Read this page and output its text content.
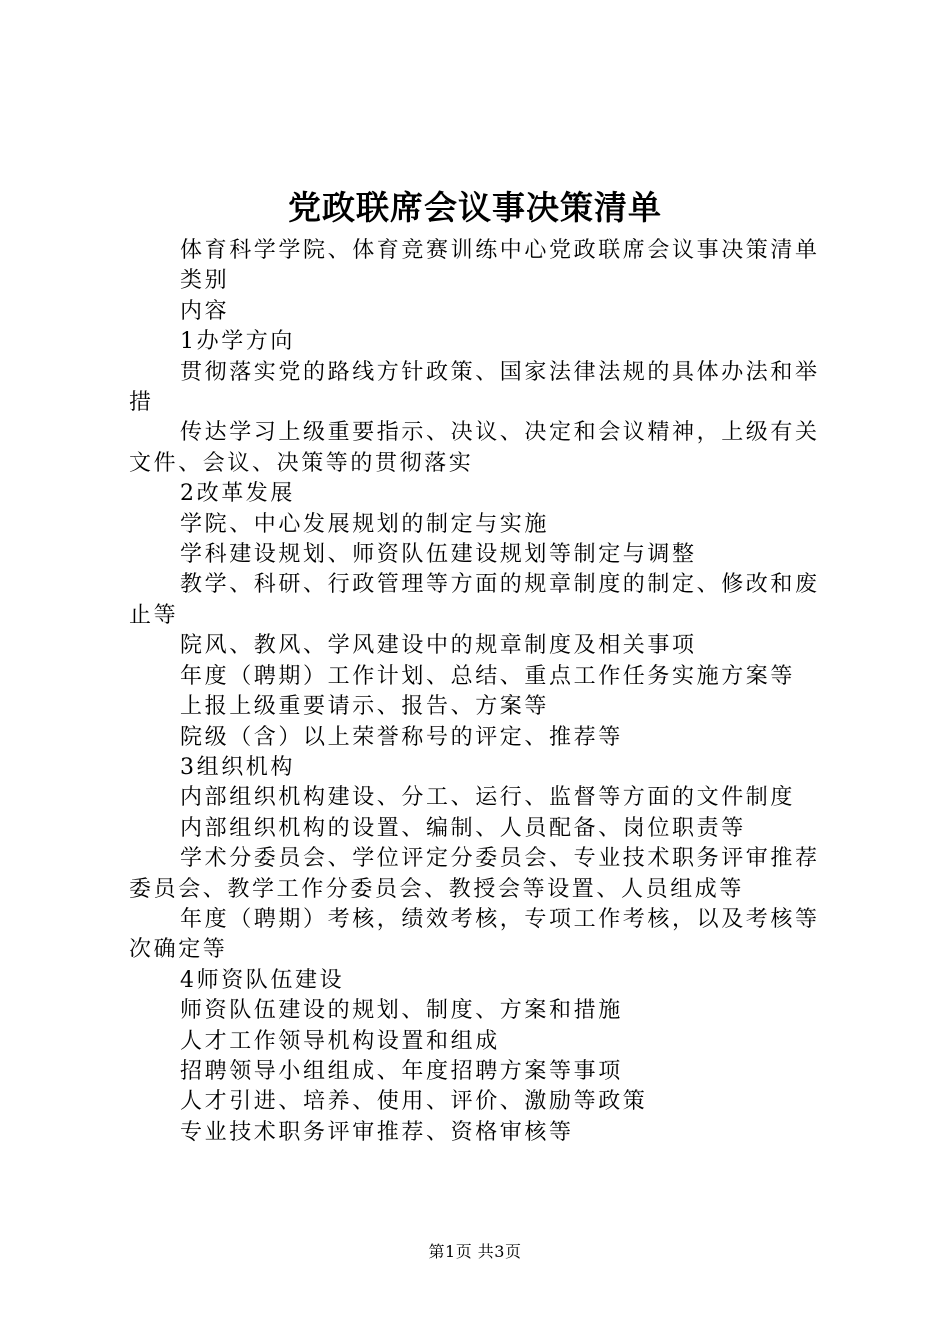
党政联席会议事决策清单

体育科学学院、体育竞赛训练中心党政联席会议事决策清单

类别

内容

1办学方向

贯彻落实党的路线方针政策、国家法律法规的具体办法和举措

传达学习上级重要指示、决议、决定和会议精神，上级有关文件、会议、决策等的贯彻落实

2改革发展

学院、中心发展规划的制定与实施

学科建设规划、师资队伍建设规划等制定与调整

教学、科研、行政管理等方面的规章制度的制定、修改和废止等

院风、教风、学风建设中的规章制度及相关事项

年度（聘期）工作计划、总结、重点工作任务实施方案等

上报上级重要请示、报告、方案等

院级（含）以上荣誉称号的评定、推荐等

3组织机构

内部组织机构建设、分工、运行、监督等方面的文件制度

内部组织机构的设置、编制、人员配备、岗位职责等

学术分委员会、学位评定分委员会、专业技术职务评审推荐委员会、教学工作分委员会、教授会等设置、人员组成等

年度（聘期）考核，绩效考核，专项工作考核，以及考核等次确定等

4师资队伍建设

师资队伍建设的规划、制度、方案和措施

人才工作领导机构设置和组成

招聘领导小组组成、年度招聘方案等事项

人才引进、培养、使用、评价、激励等政策

专业技术职务评审推荐、资格审核等

第1页 共3页
